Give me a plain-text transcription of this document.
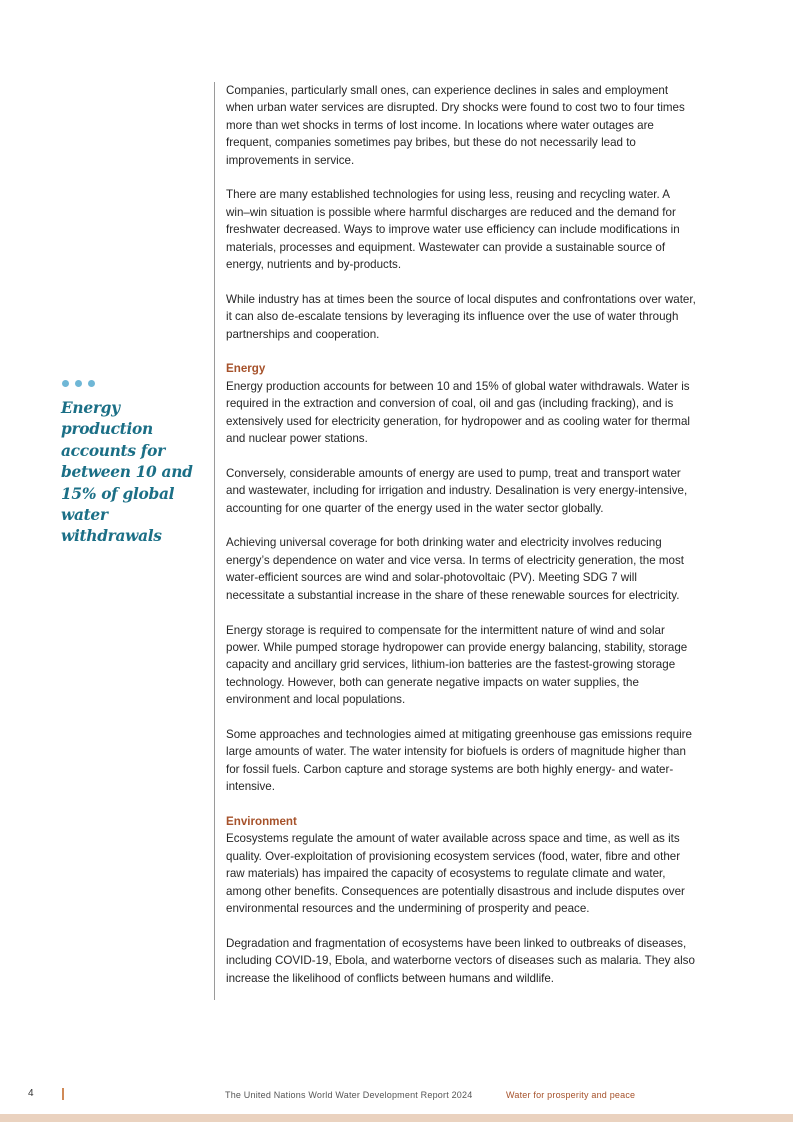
Energy production accounts for between 10 and 15% of global water withdrawals

Companies, particularly small ones, can experience declines in sales and employment when urban water services are disrupted. Dry shocks were found to cost two to four times more than wet shocks in terms of lost income. In locations where water outages are frequent, companies sometimes pay bribes, but these do not necessarily lead to improvements in service.

There are many established technologies for using less, reusing and recycling water. A win–win situation is possible where harmful discharges are reduced and the demand for freshwater decreased. Ways to improve water use efficiency can include modifications in materials, processes and equipment. Wastewater can provide a sustainable source of energy, nutrients and by-products.

While industry has at times been the source of local disputes and confrontations over water, it can also de-escalate tensions by leveraging its influence over the use of water through partnerships and cooperation.

Energy

Energy production accounts for between 10 and 15% of global water withdrawals. Water is required in the extraction and conversion of coal, oil and gas (including fracking), and is extensively used for electricity generation, for hydropower and as cooling water for thermal and nuclear power stations.

Conversely, considerable amounts of energy are used to pump, treat and transport water and wastewater, including for irrigation and industry. Desalination is very energy-intensive, accounting for one quarter of the energy used in the water sector globally.

Achieving universal coverage for both drinking water and electricity involves reducing energy’s dependence on water and vice versa. In terms of electricity generation, the most water-efficient sources are wind and solar-photovoltaic (PV). Meeting SDG 7 will necessitate a substantial increase in the share of these renewable sources for electricity.

Energy storage is required to compensate for the intermittent nature of wind and solar power. While pumped storage hydropower can provide energy balancing, stability, storage capacity and ancillary grid services, lithium-ion batteries are the fastest-growing storage technology. However, both can generate negative impacts on water supplies, the environment and local populations.

Some approaches and technologies aimed at mitigating greenhouse gas emissions require large amounts of water. The water intensity for biofuels is orders of magnitude higher than for fossil fuels. Carbon capture and storage systems are both highly energy- and water-intensive.

Environment

Ecosystems regulate the amount of water available across space and time, as well as its quality. Over-exploitation of provisioning ecosystem services (food, water, fibre and other raw materials) has impaired the capacity of ecosystems to regulate climate and water, among other benefits. Consequences are potentially disastrous and include disputes over environmental resources and the undermining of prosperity and peace.

Degradation and fragmentation of ecosystems have been linked to outbreaks of diseases, including COVID-19, Ebola, and waterborne vectors of diseases such as malaria. They also increase the likelihood of conflicts between humans and wildlife.

4	The United Nations World Water Development Report 2024	Water for prosperity and peace
